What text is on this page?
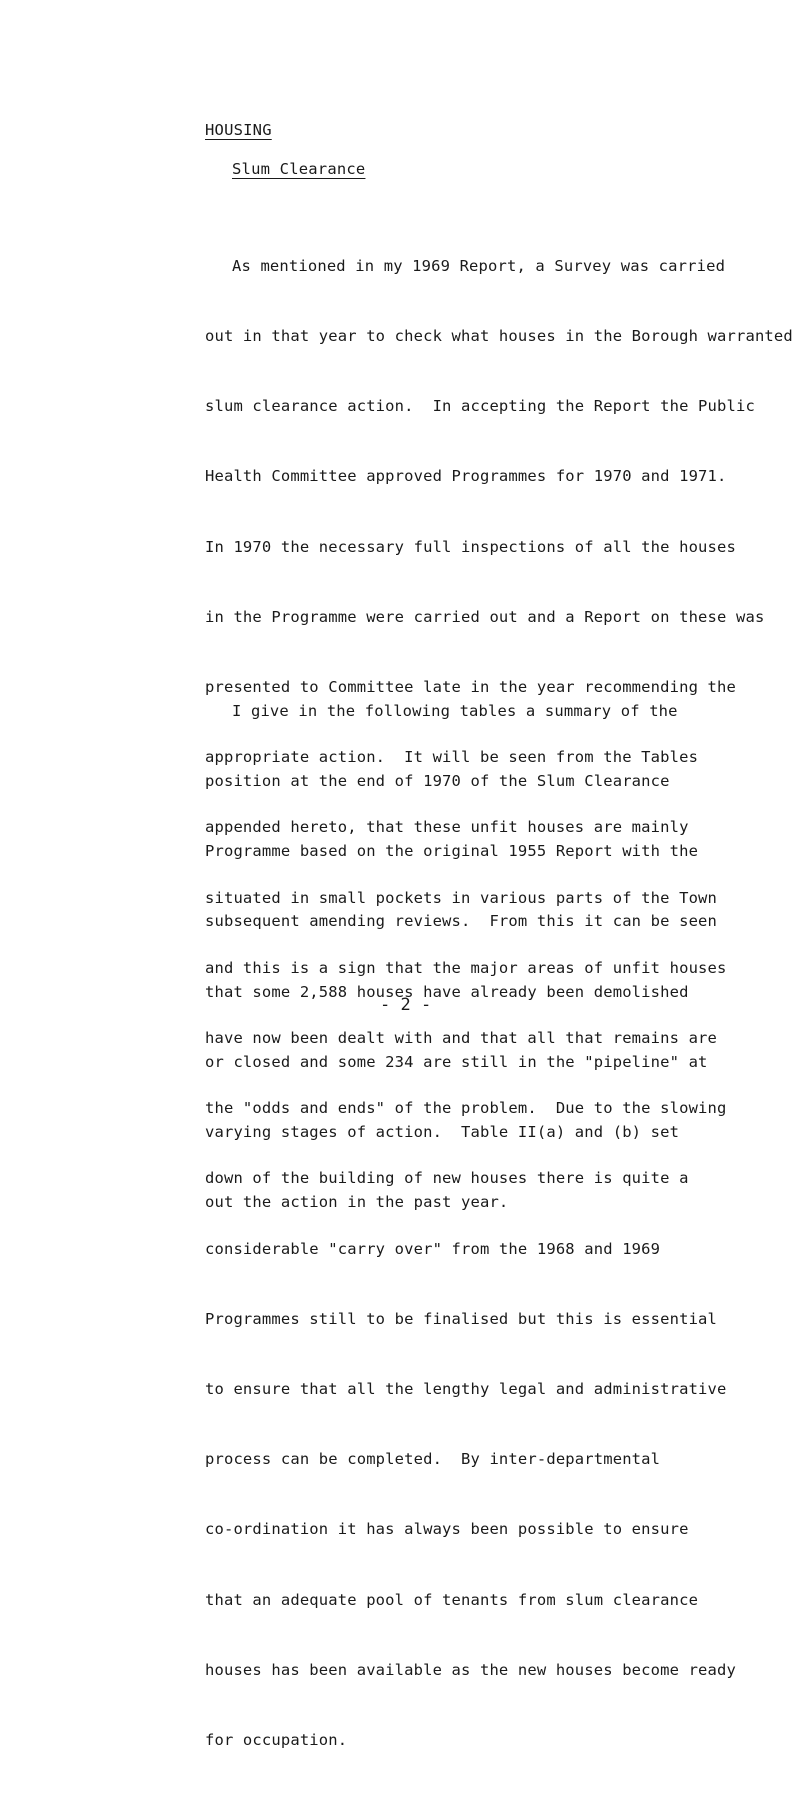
HOUSING
Slum Clearance

As mentioned in my 1969 Report, a Survey was carried

out in that year to check what houses in the Borough warranted

slum clearance action.  In accepting the Report the Public

Health Committee approved Programmes for 1970 and 1971.

In 1970 the necessary full inspections of all the houses

in the Programme were carried out and a Report on these was

presented to Committee late in the year recommending the

appropriate action.  It will be seen from the Tables

appended hereto, that these unfit houses are mainly

situated in small pockets in various parts of the Town

and this is a sign that the major areas of unfit houses

have now been dealt with and that all that remains are

the "odds and ends" of the problem.  Due to the slowing

down of the building of new houses there is quite a

considerable "carry over" from the 1968 and 1969

Programmes still to be finalised but this is essential

to ensure that all the lengthy legal and administrative

process can be completed.  By inter-departmental

co-ordination it has always been possible to ensure

that an adequate pool of tenants from slum clearance

houses has been available as the new houses become ready

for occupation.

I give in the following tables a summary of the

position at the end of 1970 of the Slum Clearance

Programme based on the original 1955 Report with the

subsequent amending reviews.  From this it can be seen

that some 2,588 houses have already been demolished

or closed and some 234 are still in the "pipeline" at

varying stages of action.  Table II(a) and (b) set

out the action in the past year.

- 2 -
